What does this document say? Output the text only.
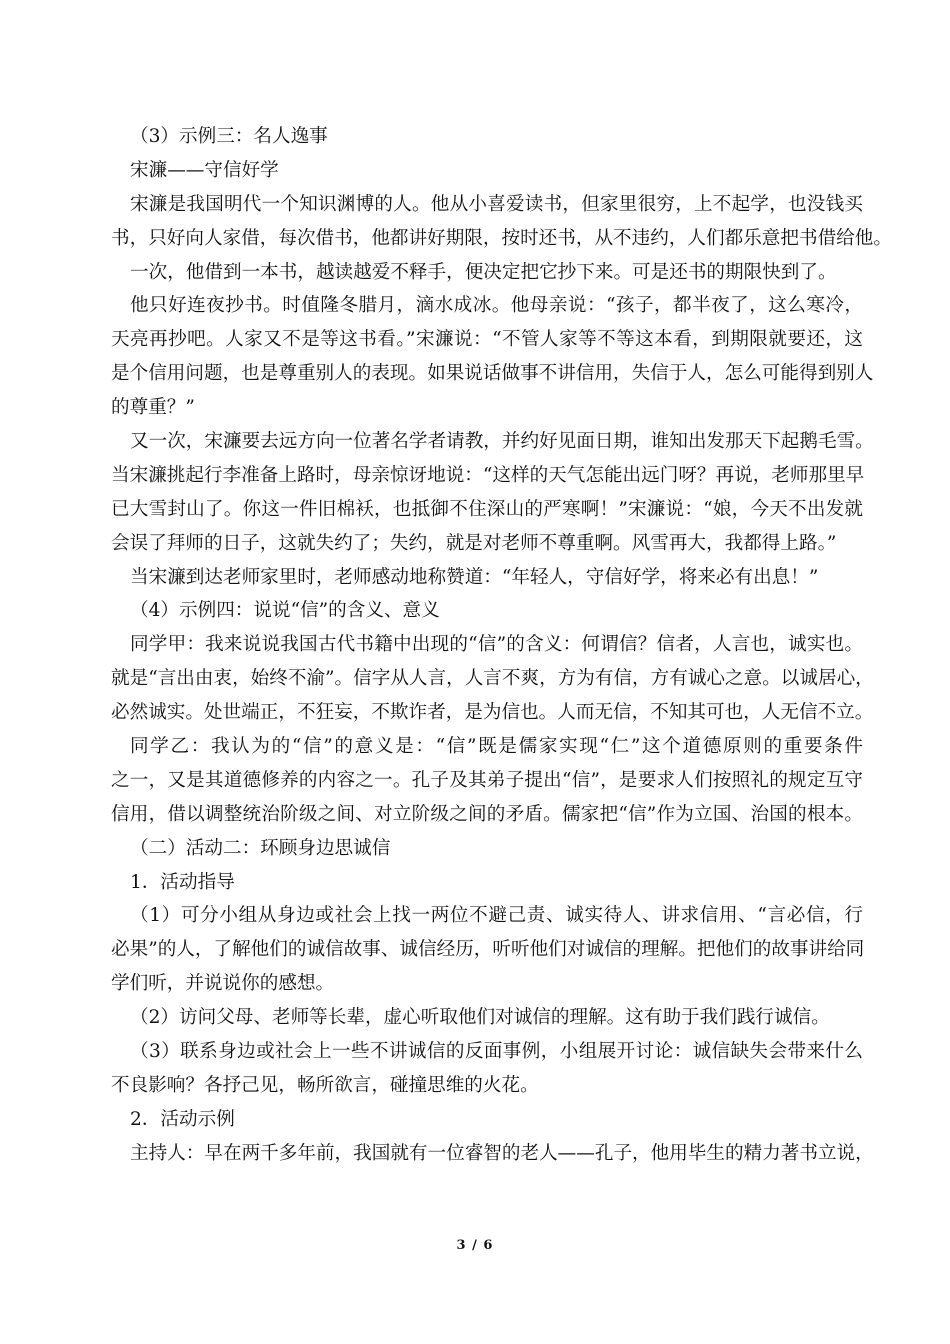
（3）示例三：名人逸事
宋濂——守信好学
宋濂是我国明代一个知识渊博的人。他从小喜爱读书，但家里很穷，上不起学，也没钱买
书，只好向人家借，每次借书，他都讲好期限，按时还书，从不违约，人们都乐意把书借给他。
一次，他借到一本书，越读越爱不释手，便决定把它抄下来。可是还书的期限快到了。
他只好连夜抄书。时值隆冬腊月，滴水成冰。他母亲说：“孩子，都半夜了，这么寒冷，
天亮再抄吧。人家又不是等这书看。”宋濂说：“不管人家等不等这本看，到期限就要还，这
是个信用问题，也是尊重别人的表现。如果说话做事不讲信用，失信于人，怎么可能得到别人
的尊重？”
又一次，宋濂要去远方向一位著名学者请教，并约好见面日期，谁知出发那天下起鹅毛雪。
当宋濂挑起行李准备上路时，母亲惊讶地说：“这样的天气怎能出远门呀？再说，老师那里早
已大雪封山了。你这一件旧棉袄，也抵御不住深山的严寒啊！”宋濂说：“娘，今天不出发就
会误了拜师的日子，这就失约了；失约，就是对老师不尊重啊。风雪再大，我都得上路。”
当宋濂到达老师家里时，老师感动地称赞道：“年轻人，守信好学，将来必有出息！”
（4）示例四：说说“信”的含义、意义
同学甲：我来说说我国古代书籍中出现的“信”的含义：何谓信？信者，人言也，诚实也。
就是“言出由衷，始终不渝”。信字从人言，人言不爽，方为有信，方有诚心之意。以诚居心，
必然诚实。处世端正，不狂妄，不欺诈者，是为信也。人而无信，不知其可也，人无信不立。
同学乙：我认为的“信”的意义是：“信”既是儒家实现“仁”这个道德原则的重要条件
之一，又是其道德修养的内容之一。孔子及其弟子提出“信”，是要求人们按照礼的规定互守
信用，借以调整统治阶级之间、对立阶级之间的矛盾。儒家把“信”作为立国、治国的根本。
（二）活动二：环顾身边思诚信
1．活动指导
（1）可分小组从身边或社会上找一两位不避己责、诚实待人、讲求信用、“言必信，行
必果”的人，了解他们的诚信故事、诚信经历，听听他们对诚信的理解。把他们的故事讲给同
学们听，并说说你的感想。
（2）访问父母、老师等长辈，虚心听取他们对诚信的理解。这有助于我们践行诚信。
（3）联系身边或社会上一些不讲诚信的反面事例，小组展开讨论：诚信缺失会带来什么
不良影响？各抒己见，畅所欲言，碰撞思维的火花。
2．活动示例
主持人：早在两千多年前，我国就有一位睿智的老人——孔子，他用毕生的精力著书立说，
3 / 6
